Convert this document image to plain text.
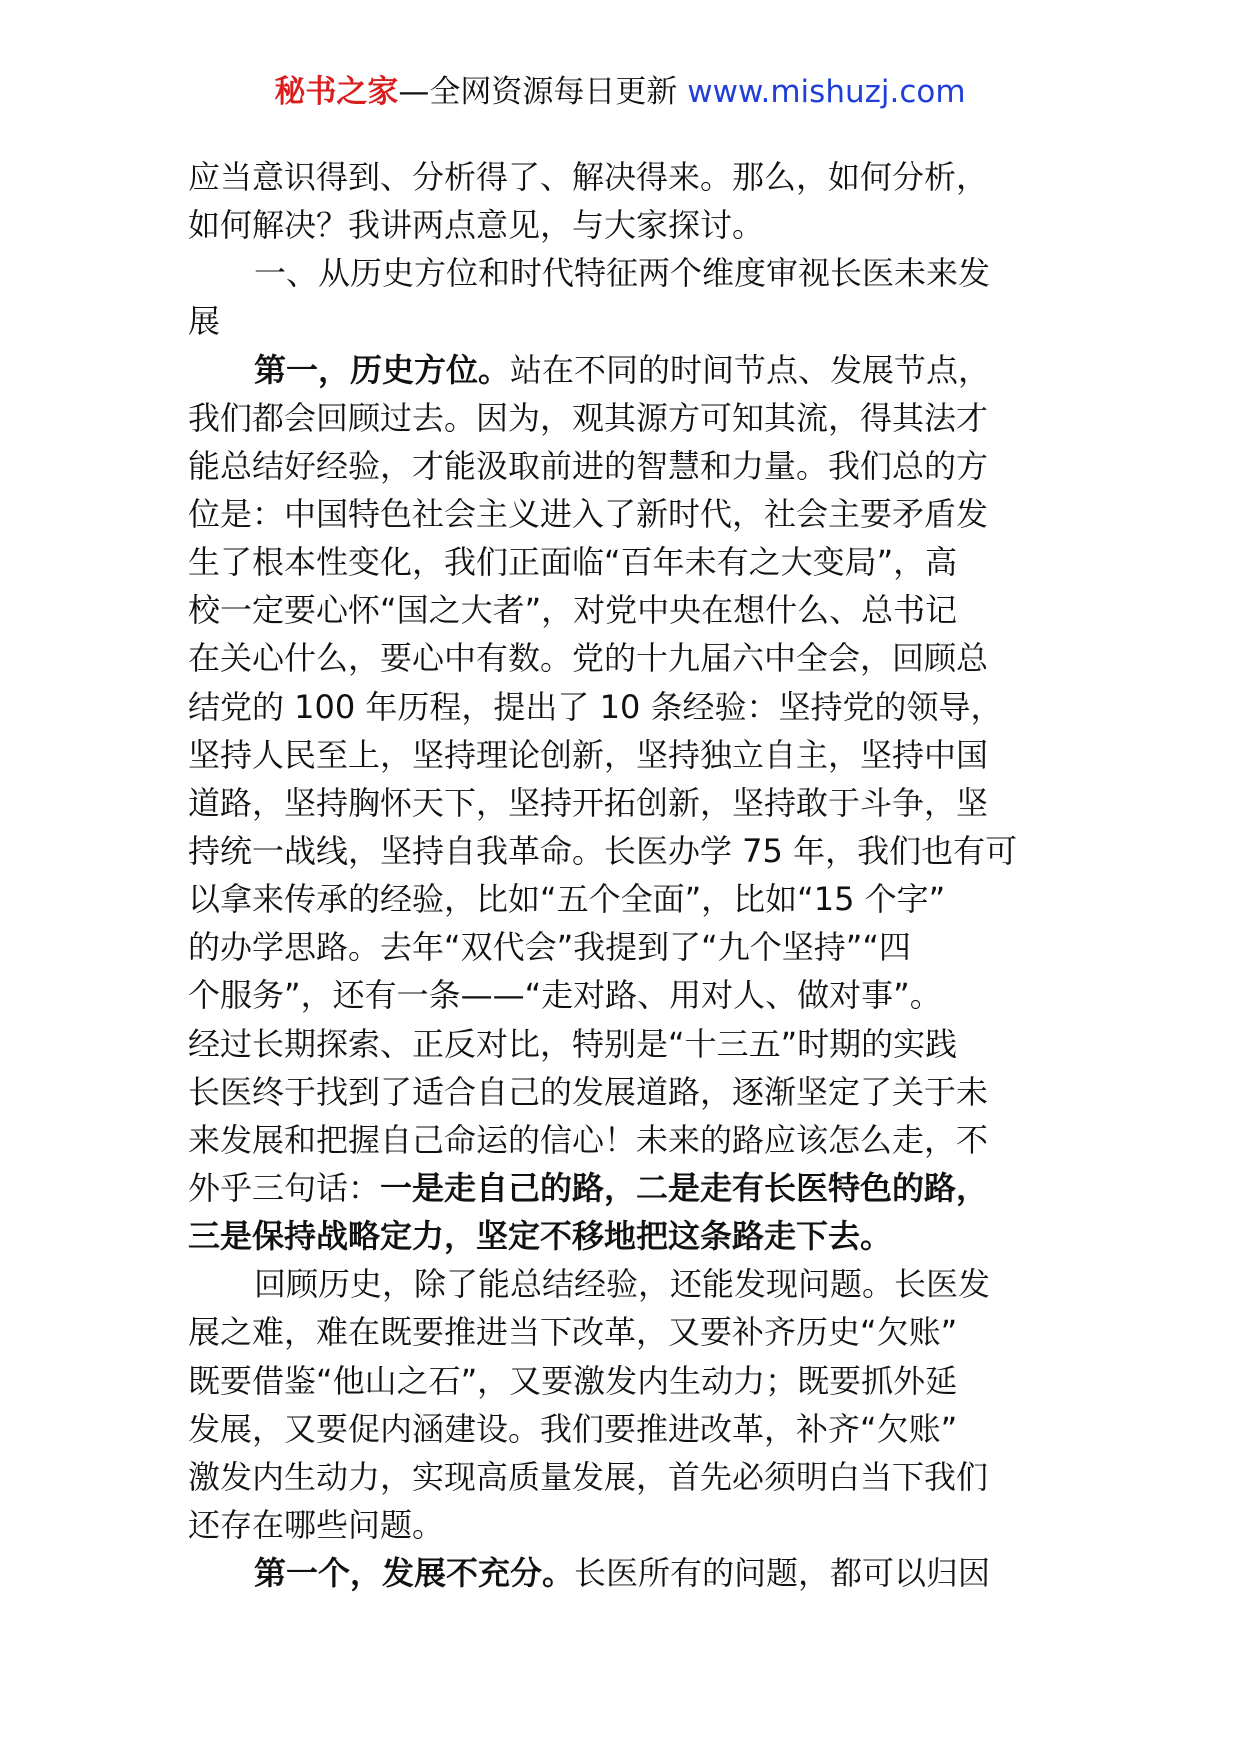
秘书之家—全网资源每日更新 www.mishuzj.com
应当意识得到、分析得了、解决得来。那么，如何分析，
如何解决？我讲两点意见，与大家探讨。
一、从历史方位和时代特征两个维度审视长医未来发
展
第一，历史方位。站在不同的时间节点、发展节点，
我们都会回顾过去。因为，观其源方可知其流，得其法才
能总结好经验，才能汲取前进的智慧和力量。我们总的方
位是：中国特色社会主义进入了新时代，社会主要矛盾发
生了根本性变化，我们正面临“百年未有之大变局”，高
校一定要心怀“国之大者”，对党中央在想什么、总书记
在关心什么，要心中有数。党的十九届六中全会，回顾总
结党的 100 年历程，提出了 10 条经验：坚持党的领导，
坚持人民至上，坚持理论创新，坚持独立自主，坚持中国
道路，坚持胸怀天下，坚持开拓创新，坚持敢于斗争，坚
持统一战线，坚持自我革命。长医办学 75 年，我们也有可
以拿来传承的经验，比如“五个全面”，比如“15 个字”
的办学思路。去年“双代会”我提到了“九个坚持”“四
个服务”，还有一条——“走对路、用对人、做对事”。
经过长期探索、正反对比，特别是“十三五”时期的实践
长医终于找到了适合自己的发展道路，逐渐坚定了关于未
来发展和把握自己命运的信心！未来的路应该怎么走，不
外乎三句话：一是走自己的路，二是走有长医特色的路，
三是保持战略定力，坚定不移地把这条路走下去。
回顾历史，除了能总结经验，还能发现问题。长医发
展之难，难在既要推进当下改革，又要补齐历史“欠账”
既要借鉴“他山之石”，又要激发内生动力；既要抓外延
发展，又要促内涵建设。我们要推进改革，补齐“欠账”
激发内生动力，实现高质量发展，首先必须明白当下我们
还存在哪些问题。
第一个，发展不充分。长医所有的问题，都可以归因
